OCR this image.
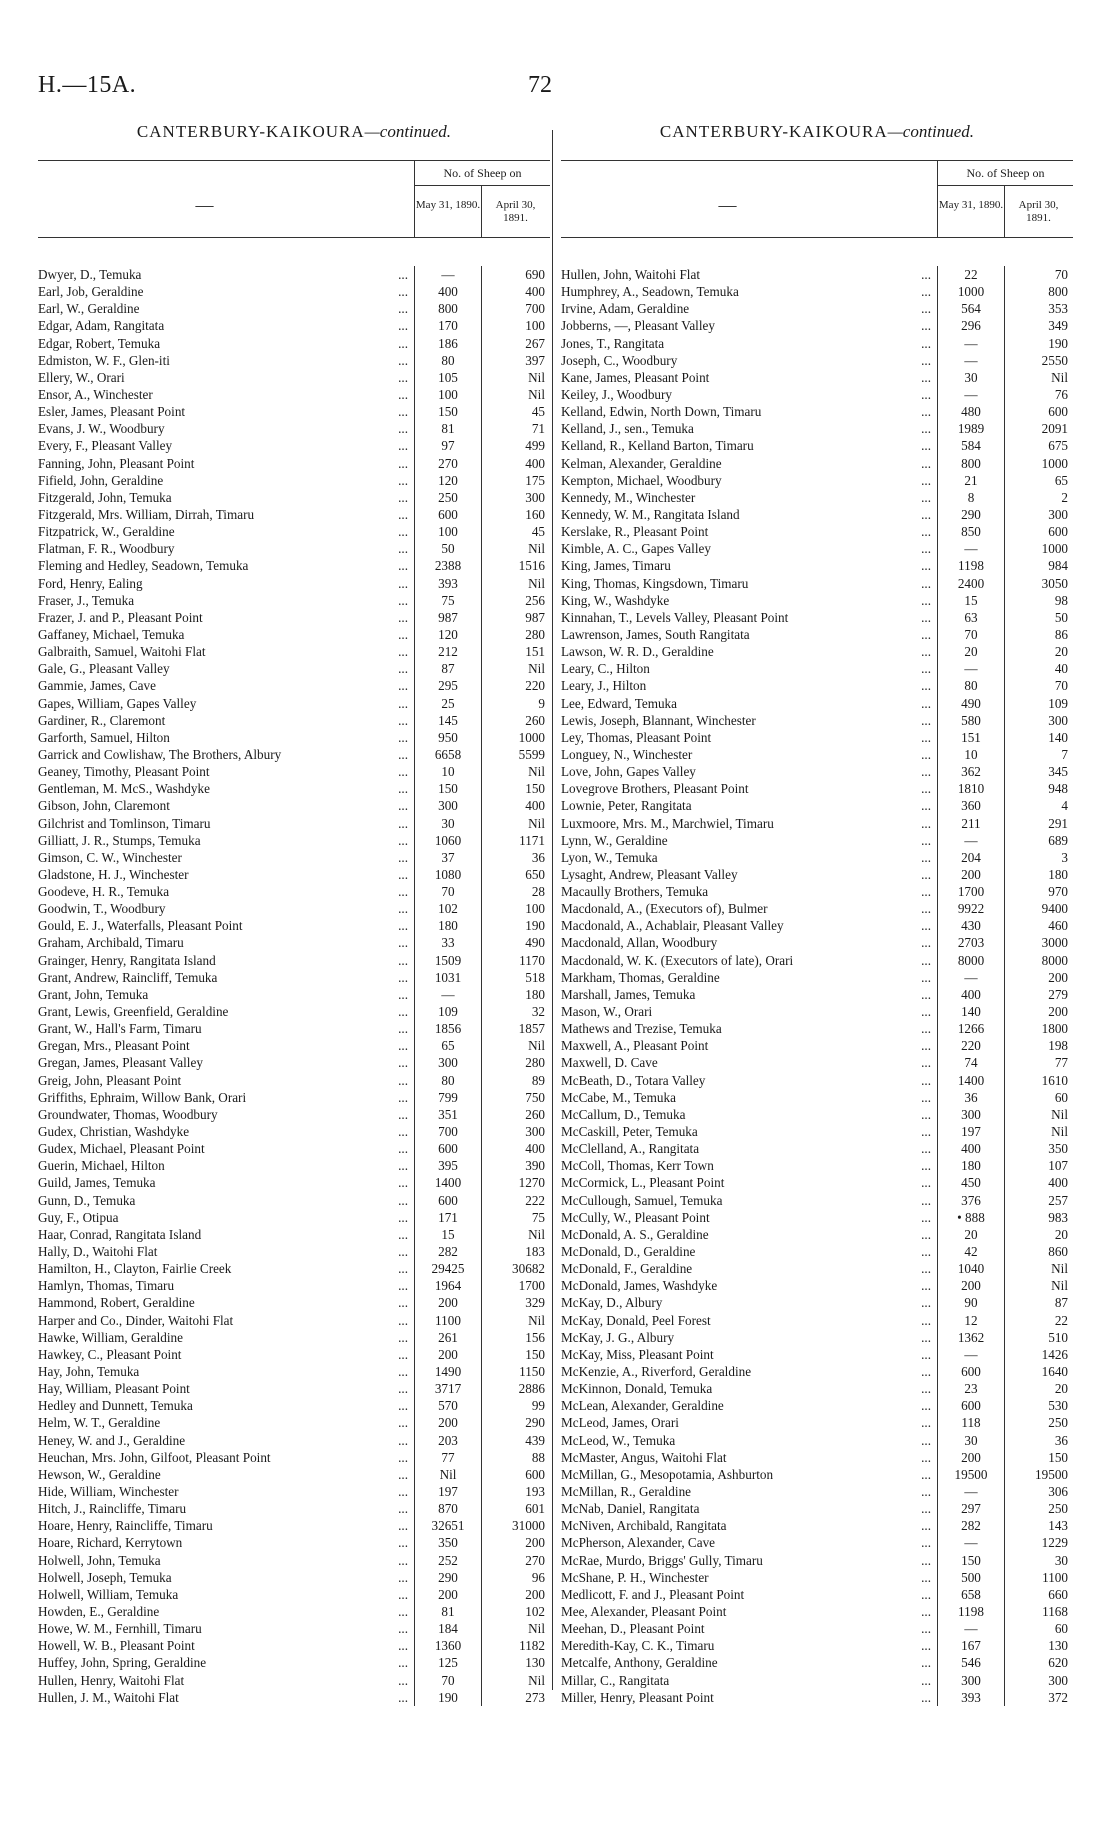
H.—15A.	72
CANTERBURY-KAIKOURA—continued.
—
No. of Sheep on
May 31, 1890.	April 30, 1891.
Dwyer, D., Temuka	...	—	690
Earl, Job, Geraldine	...	400	400
Earl, W., Geraldine	...	800	700
Edgar, Adam, Rangitata	...	170	100
Edgar, Robert, Temuka	...	186	267
Edmiston, W. F., Glen-iti	...	80	397
Ellery, W., Orari	...	105	Nil
Ensor, A., Winchester	...	100	Nil
Esler, James, Pleasant Point	...	150	45
Evans, J. W., Woodbury	...	81	71
Every, F., Pleasant Valley	...	97	499
Fanning, John, Pleasant Point	...	270	400
Fifield, John, Geraldine	...	120	175
Fitzgerald, John, Temuka	...	250	300
Fitzgerald, Mrs. William, Dirrah, Timaru	...	600	160
Fitzpatrick, W., Geraldine	...	100	45
Flatman, F. R., Woodbury	...	50	Nil
Fleming and Hedley, Seadown, Temuka	...	2388	1516
Ford, Henry, Ealing	...	393	Nil
Fraser, J., Temuka	...	75	256
Frazer, J. and P., Pleasant Point	...	987	987
Gaffaney, Michael, Temuka	...	120	280
Galbraith, Samuel, Waitohi Flat	...	212	151
Gale, G., Pleasant Valley	...	87	Nil
Gammie, James, Cave	...	295	220
Gapes, William, Gapes Valley	...	25	9
Gardiner, R., Claremont	...	145	260
Garforth, Samuel, Hilton	...	950	1000
Garrick and Cowlishaw, The Brothers, Albury	...	6658	5599
Geaney, Timothy, Pleasant Point	...	10	Nil
Gentleman, M. McS., Washdyke	...	150	150
Gibson, John, Claremont	...	300	400
Gilchrist and Tomlinson, Timaru	...	30	Nil
Gilliatt, J. R., Stumps, Temuka	...	1060	1171
Gimson, C. W., Winchester	...	37	36
Gladstone, H. J., Winchester	...	1080	650
Goodeve, H. R., Temuka	...	70	28
Goodwin, T., Woodbury	...	102	100
Gould, E. J., Waterfalls, Pleasant Point	...	180	190
Graham, Archibald, Timaru	...	33	490
Grainger, Henry, Rangitata Island	...	1509	1170
Grant, Andrew, Raincliff, Temuka	...	1031	518
Grant, John, Temuka	...	—	180
Grant, Lewis, Greenfield, Geraldine	...	109	32
Grant, W., Hall's Farm, Timaru	...	1856	1857
Gregan, Mrs., Pleasant Point	...	65	Nil
Gregan, James, Pleasant Valley	...	300	280
Greig, John, Pleasant Point	...	80	89
Griffiths, Ephraim, Willow Bank, Orari	...	799	750
Groundwater, Thomas, Woodbury	...	351	260
Gudex, Christian, Washdyke	...	700	300
Gudex, Michael, Pleasant Point	...	600	400
Guerin, Michael, Hilton	...	395	390
Guild, James, Temuka	...	1400	1270
Gunn, D., Temuka	...	600	222
Guy, F., Otipua	...	171	75
Haar, Conrad, Rangitata Island	...	15	Nil
Hally, D., Waitohi Flat	...	282	183
Hamilton, H., Clayton, Fairlie Creek	...	29425	30682
Hamlyn, Thomas, Timaru	...	1964	1700
Hammond, Robert, Geraldine	...	200	329
Harper and Co., Dinder, Waitohi Flat	...	1100	Nil
Hawke, William, Geraldine	...	261	156
Hawkey, C., Pleasant Point	...	200	150
Hay, John, Temuka	...	1490	1150
Hay, William, Pleasant Point	...	3717	2886
Hedley and Dunnett, Temuka	...	570	99
Helm, W. T., Geraldine	...	200	290
Heney, W. and J., Geraldine	...	203	439
Heuchan, Mrs. John, Gilfoot, Pleasant Point	...	77	88
Hewson, W., Geraldine	...	Nil	600
Hide, William, Winchester	...	197	193
Hitch, J., Raincliffe, Timaru	...	870	601
Hoare, Henry, Raincliffe, Timaru	...	32651	31000
Hoare, Richard, Kerrytown	...	350	200
Holwell, John, Temuka	...	252	270
Holwell, Joseph, Temuka	...	290	96
Holwell, William, Temuka	...	200	200
Howden, E., Geraldine	...	81	102
Howe, W. M., Fernhill, Timaru	...	184	Nil
Howell, W. B., Pleasant Point	...	1360	1182
Huffey, John, Spring, Geraldine	...	125	130
Hullen, Henry, Waitohi Flat	...	70	Nil
Hullen, J. M., Waitohi Flat	...	190	273
CANTERBURY-KAIKOURA—continued.
—
No. of Sheep on
May 31, 1890.	April 30, 1891.
Hullen, John, Waitohi Flat	...	22	70
Humphrey, A., Seadown, Temuka	...	1000	800
Irvine, Adam, Geraldine	...	564	353
Jobberns, —, Pleasant Valley	...	296	349
Jones, T., Rangitata	...	—	190
Joseph, C., Woodbury	...	—	2550
Kane, James, Pleasant Point	...	30	Nil
Keiley, J., Woodbury	...	—	76
Kelland, Edwin, North Down, Timaru	...	480	600
Kelland, J., sen., Temuka	...	1989	2091
Kelland, R., Kelland Barton, Timaru	...	584	675
Kelman, Alexander, Geraldine	...	800	1000
Kempton, Michael, Woodbury	...	21	65
Kennedy, M., Winchester	...	8	2
Kennedy, W. M., Rangitata Island	...	290	300
Kerslake, R., Pleasant Point	...	850	600
Kimble, A. C., Gapes Valley	...	—	1000
King, James, Timaru	...	1198	984
King, Thomas, Kingsdown, Timaru	...	2400	3050
King, W., Washdyke	...	15	98
Kinnahan, T., Levels Valley, Pleasant Point	...	63	50
Lawrenson, James, South Rangitata	...	70	86
Lawson, W. R. D., Geraldine	...	20	20
Leary, C., Hilton	...	—	40
Leary, J., Hilton	...	80	70
Lee, Edward, Temuka	...	490	109
Lewis, Joseph, Blannant, Winchester	...	580	300
Ley, Thomas, Pleasant Point	...	151	140
Longuey, N., Winchester	...	10	7
Love, John, Gapes Valley	...	362	345
Lovegrove Brothers, Pleasant Point	...	1810	948
Lownie, Peter, Rangitata	...	360	4
Luxmoore, Mrs. M., Marchwiel, Timaru	...	211	291
Lynn, W., Geraldine	...	—	689
Lyon, W., Temuka	...	204	3
Lysaght, Andrew, Pleasant Valley	...	200	180
Macaully Brothers, Temuka	...	1700	970
Macdonald, A., (Executors of), Bulmer	...	9922	9400
Macdonald, A., Achablair, Pleasant Valley	...	430	460
Macdonald, Allan, Woodbury	...	2703	3000
Macdonald, W. K. (Executors of late), Orari	...	8000	8000
Markham, Thomas, Geraldine	...	—	200
Marshall, James, Temuka	...	400	279
Mason, W., Orari	...	140	200
Mathews and Trezise, Temuka	...	1266	1800
Maxwell, A., Pleasant Point	...	220	198
Maxwell, D. Cave	...	74	77
McBeath, D., Totara Valley	...	1400	1610
McCabe, M., Temuka	...	36	60
McCallum, D., Temuka	...	300	Nil
McCaskill, Peter, Temuka	...	197	Nil
McClelland, A., Rangitata	...	400	350
McColl, Thomas, Kerr Town	...	180	107
McCormick, L., Pleasant Point	...	450	400
McCullough, Samuel, Temuka	...	376	257
McCully, W., Pleasant Point	...	• 888	983
McDonald, A. S., Geraldine	...	20	20
McDonald, D., Geraldine	...	42	860
McDonald, F., Geraldine	...	1040	Nil
McDonald, James, Washdyke	...	200	Nil
McKay, D., Albury	...	90	87
McKay, Donald, Peel Forest	...	12	22
McKay, J. G., Albury	...	1362	510
McKay, Miss, Pleasant Point	...	—	1426
McKenzie, A., Riverford, Geraldine	...	600	1640
McKinnon, Donald, Temuka	...	23	20
McLean, Alexander, Geraldine	...	600	530
McLeod, James, Orari	...	118	250
McLeod, W., Temuka	...	30	36
McMaster, Angus, Waitohi Flat	...	200	150
McMillan, G., Mesopotamia, Ashburton	...	19500	19500
McMillan, R., Geraldine	...	—	306
McNab, Daniel, Rangitata	...	297	250
McNiven, Archibald, Rangitata	...	282	143
McPherson, Alexander, Cave	...	—	1229
McRae, Murdo, Briggs' Gully, Timaru	...	150	30
McShane, P. H., Winchester	...	500	1100
Medlicott, F. and J., Pleasant Point	...	658	660
Mee, Alexander, Pleasant Point	...	1198	1168
Meehan, D., Pleasant Point	...	—	60
Meredith-Kay, C. K., Timaru	...	167	130
Metcalfe, Anthony, Geraldine	...	546	620
Millar, C., Rangitata	...	300	300
Miller, Henry, Pleasant Point	...	393	372
